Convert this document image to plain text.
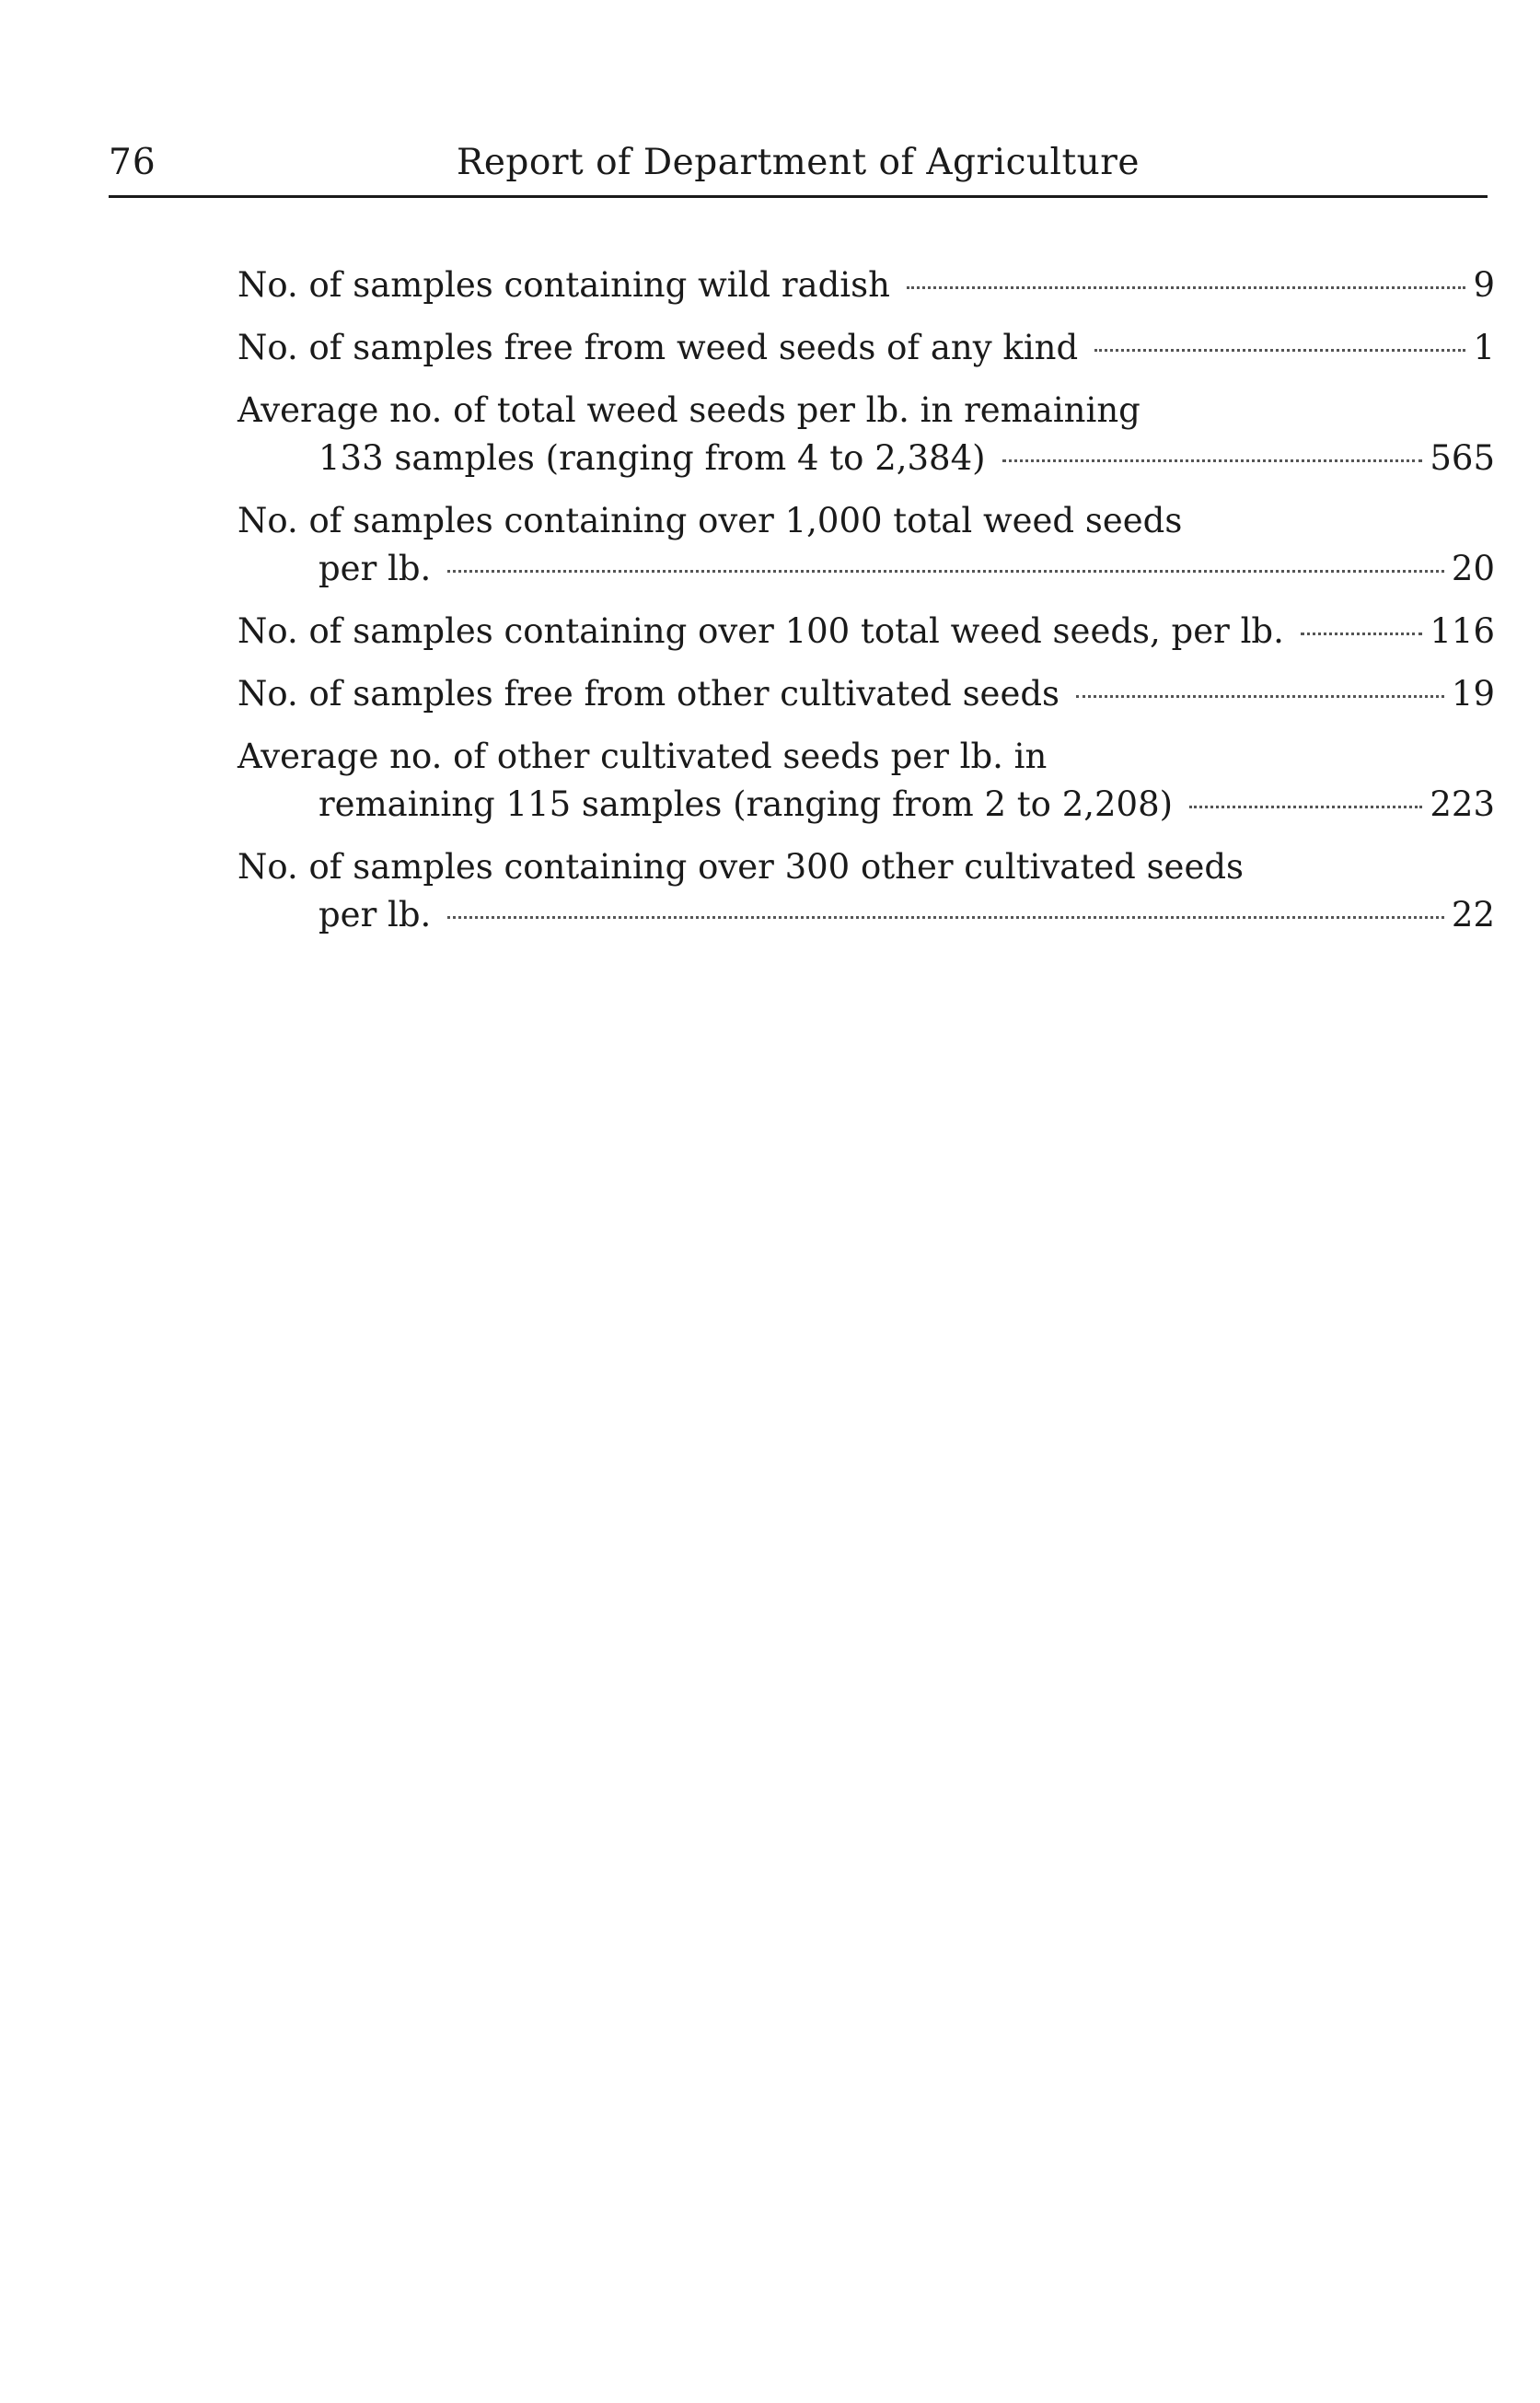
76	Report of Department of Agriculture
No. of samples containing wild radish	9
No. of samples free from weed seeds of any kind	1
Average no. of total weed seeds per lb. in remaining
133 samples (ranging from 4 to 2,384)	565
No. of samples containing over 1,000 total weed seeds
per lb.	20
No. of samples containing over 100 total weed seeds, per lb.	116
No. of samples free from other cultivated seeds	19
Average no. of other cultivated seeds per lb. in
remaining 115 samples (ranging from 2 to 2,208)	223
No. of samples containing over 300 other cultivated seeds
per lb.	22
